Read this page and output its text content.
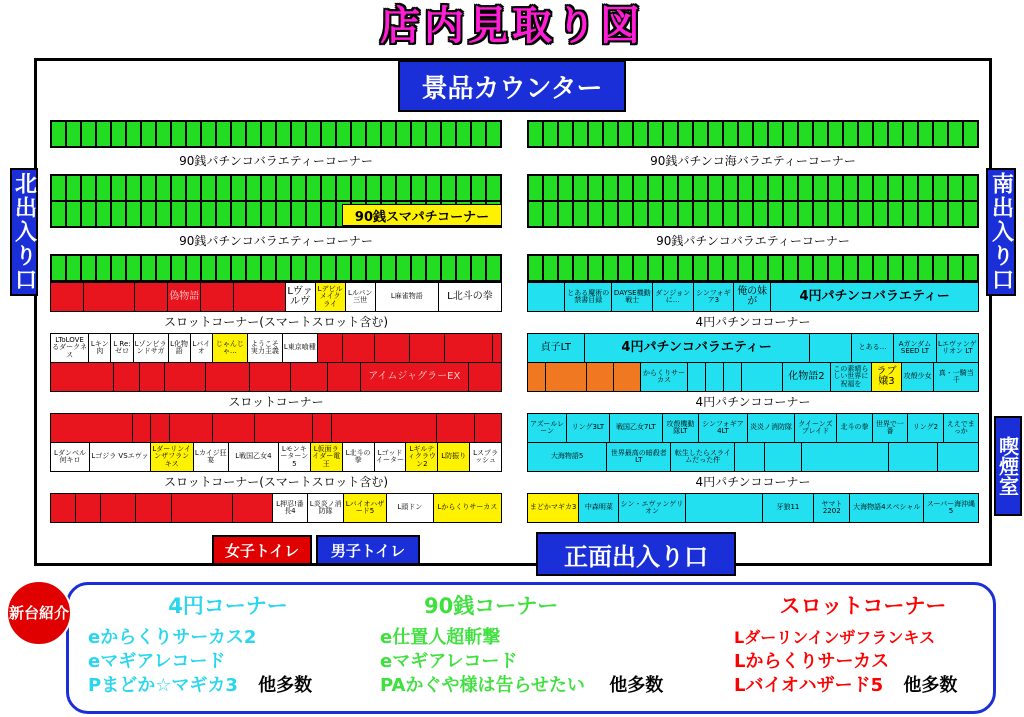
店内見取り図
景品カウンター
北出入り口	南出入り口
喫煙室
正面出入り口
女子トイレ	男子トイレ
90銭パチンコバラエティーコーナー	90銭パチンコ海バラエティーコーナー
90銭スマパチコーナー
90銭パチンコバラエティーコーナー	90銭パチンコバラエティーコーナー
偽物語	Lヴァルヴ
Lデビルメイクライ
Lルパン三世	L麻雀物語	L北斗の拳	とある魔術の禁書目録
DAYSE機動戦士
ダンジョンに…
シンフォギア3
俺の妹が	4円パチンコバラエティー
スロットコーナー(スマートスロット含む)	4円パチンココーナー
LToLOVEるダークネス
Lキン肉
L Re:ゼロ
Lゾンビランドサガ
L化物語
Lバイオ
じゃんじゃ…
ようこそ実力主義 L東京喰種
アイムジャグラーEX
貞子LT	4円パチンコバラエティー	とある…	Aガンダム SEED LT
Lエヴァンゲリオン LT
からくりサーカス	化物語2
この素晴らしい世界に祝福を
ラブ嬢3	攻殻少女	真・一騎当千
スロットコーナー	4円パチンココーナー
Lダンベル何キロ	Lゴジラ VSエヴァ
Lダーリンインザフランキス
Lカイジ狂宴	L戦国乙女4
Lモンキーターン5
L仮面ライダー電王
L北斗の拳
Lゴッドイーター
Lギルティクラウン2
L防振り Lスプラッシュ
アズールレーン	リング3LT	戦国乙女7LT	攻殻機動隊LT
シンフォギア4LT	炎炎ノ消防隊 クイーンズブレイド	北斗の拳	世界で一番	リング2	ええでまっか
大海物語5	世界最高の暗殺者LT
転生したらスライムだった件
スロットコーナー(スマートスロット含む)	4円パチンココーナー
L押忍!番長4
L炎炎ノ消防隊
Lバイオハザード5	L頭ドン	Lからくりサーカス	まどかマギカ3	中森明菜	シン・エヴァンゲリオン	牙狼11	ヤマト2202	大海物語4スペシャル スーパー海沖縄5
新台紹介	4円コーナー
eからくりサーカス2
eマギアレコード
Pまどか☆マギカ3 他多数
90銭コーナー
e仕置人超斬撃
eマギアレコード
PAかぐや様は告らせたい 他多数
スロットコーナー
Lダーリンインザフランキス
Lからくりサーカス
Lバイオハザード5 他多数
